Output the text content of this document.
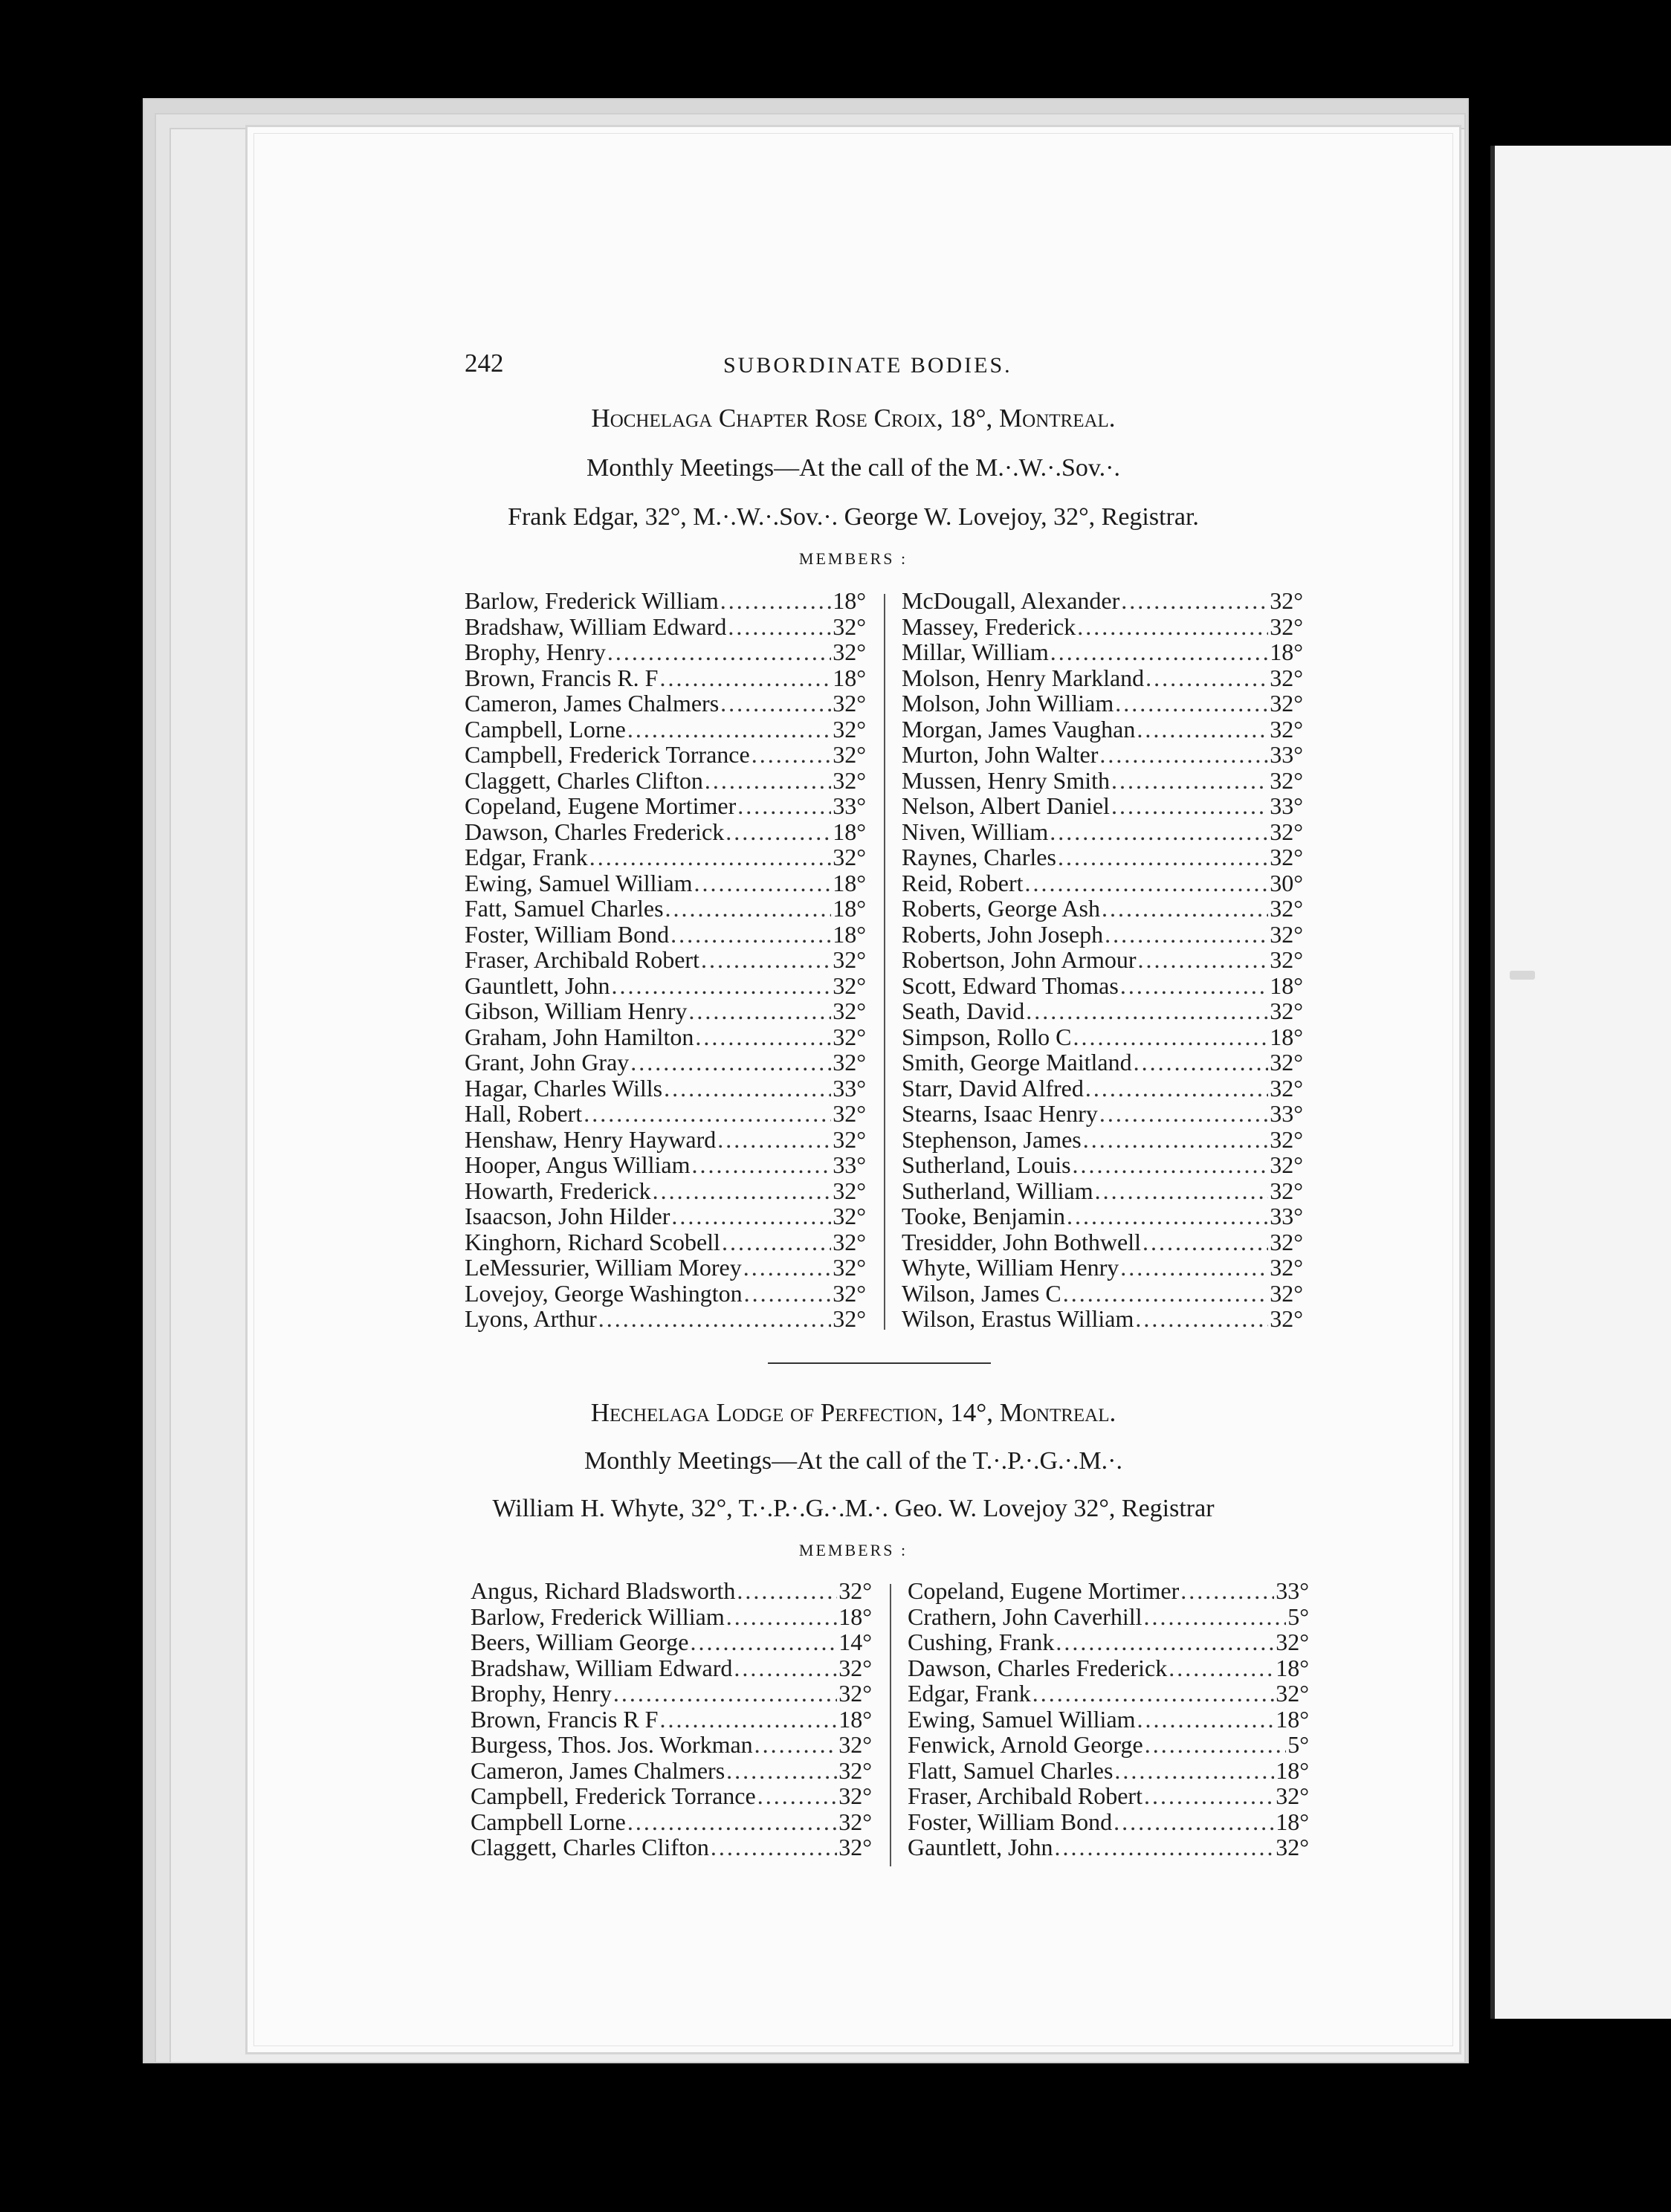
242	SUBORDINATE BODIES.
Hochelaga Chapter Rose Croix, 18°, Montreal.
Monthly Meetings—At the call of the M.·.W.·.Sov.·.
Frank Edgar, 32°, M.·.W.·.Sov.·. George W. Lovejoy, 32°, Registrar.
MEMBERS :
Barlow, Frederick William .....	18°
Bradshaw, William Edward .....	32°
Brophy, Henry .....	32°
Brown, Francis R. F .....	18°
Cameron, James Chalmers .....	32°
Campbell, Lorne .....	32°
Campbell, Frederick Torrance .....	32°
Claggett, Charles Clifton .....	32°
Copeland, Eugene Mortimer .....	33°
Dawson, Charles Frederick .....	18°
Edgar, Frank .....	32°
Ewing, Samuel William .....	18°
Fatt, Samuel Charles .....	18°
Foster, William Bond .....	18°
Fraser, Archibald Robert .....	32°
Gauntlett, John .....	32°
Gibson, William Henry .....	32°
Graham, John Hamilton .....	32°
Grant, John Gray .....	32°
Hagar, Charles Wills .....	33°
Hall, Robert .....	32°
Henshaw, Henry Hayward .....	32°
Hooper, Angus William .....	33°
Howarth, Frederick .....	32°
Isaacson, John Hilder .....	32°
Kinghorn, Richard Scobell .....	32°
LeMessurier, William Morey .....	32°
Lovejoy, George Washington .....	32°
Lyons, Arthur .....	32°
McDougall, Alexander .....	32°
Massey, Frederick .....	32°
Millar, William .....	18°
Molson, Henry Markland .....	32°
Molson, John William .....	32°
Morgan, James Vaughan .....	32°
Murton, John Walter .....	33°
Mussen, Henry Smith .....	32°
Nelson, Albert Daniel .....	33°
Niven, William .....	32°
Raynes, Charles .....	32°
Reid, Robert .....	30°
Roberts, George Ash .....	32°
Roberts, John Joseph .....	32°
Robertson, John Armour .....	32°
Scott, Edward Thomas .....	18°
Seath, David .....	32°
Simpson, Rollo C .....	18°
Smith, George Maitland .....	32°
Starr, David Alfred .....	32°
Stearns, Isaac Henry .....	33°
Stephenson, James .....	32°
Sutherland, Louis .....	32°
Sutherland, William .....	32°
Tooke, Benjamin .....	33°
Tresidder, John Bothwell .....	32°
Whyte, William Henry .....	32°
Wilson, James C .....	32°
Wilson, Erastus William .....	32°
Hechelaga Lodge of Perfection, 14°, Montreal.
Monthly Meetings—At the call of the T.·.P.·.G.·.M.·.
William H. Whyte, 32°, T.·.P.·.G.·.M.·. Geo. W. Lovejoy 32°, Registrar
MEMBERS :
Angus, Richard Bladsworth .....	32°
Barlow, Frederick William .....	18°
Beers, William George .....	14°
Bradshaw, William Edward .....	32°
Brophy, Henry .....	32°
Brown, Francis R F .....	18°
Burgess, Thos. Jos. Workman .....	32°
Cameron, James Chalmers .....	32°
Campbell, Frederick Torrance .....	32°
Campbell Lorne .....	32°
Claggett, Charles Clifton .....	32°
Copeland, Eugene Mortimer .....	33°
Crathern, John Caverhill .....	5°
Cushing, Frank .....	32°
Dawson, Charles Frederick .....	18°
Edgar, Frank .....	32°
Ewing, Samuel William .....	18°
Fenwick, Arnold George .....	5°
Flatt, Samuel Charles .....	18°
Fraser, Archibald Robert .....	32°
Foster, William Bond .....	18°
Gauntlett, John .....	32°
